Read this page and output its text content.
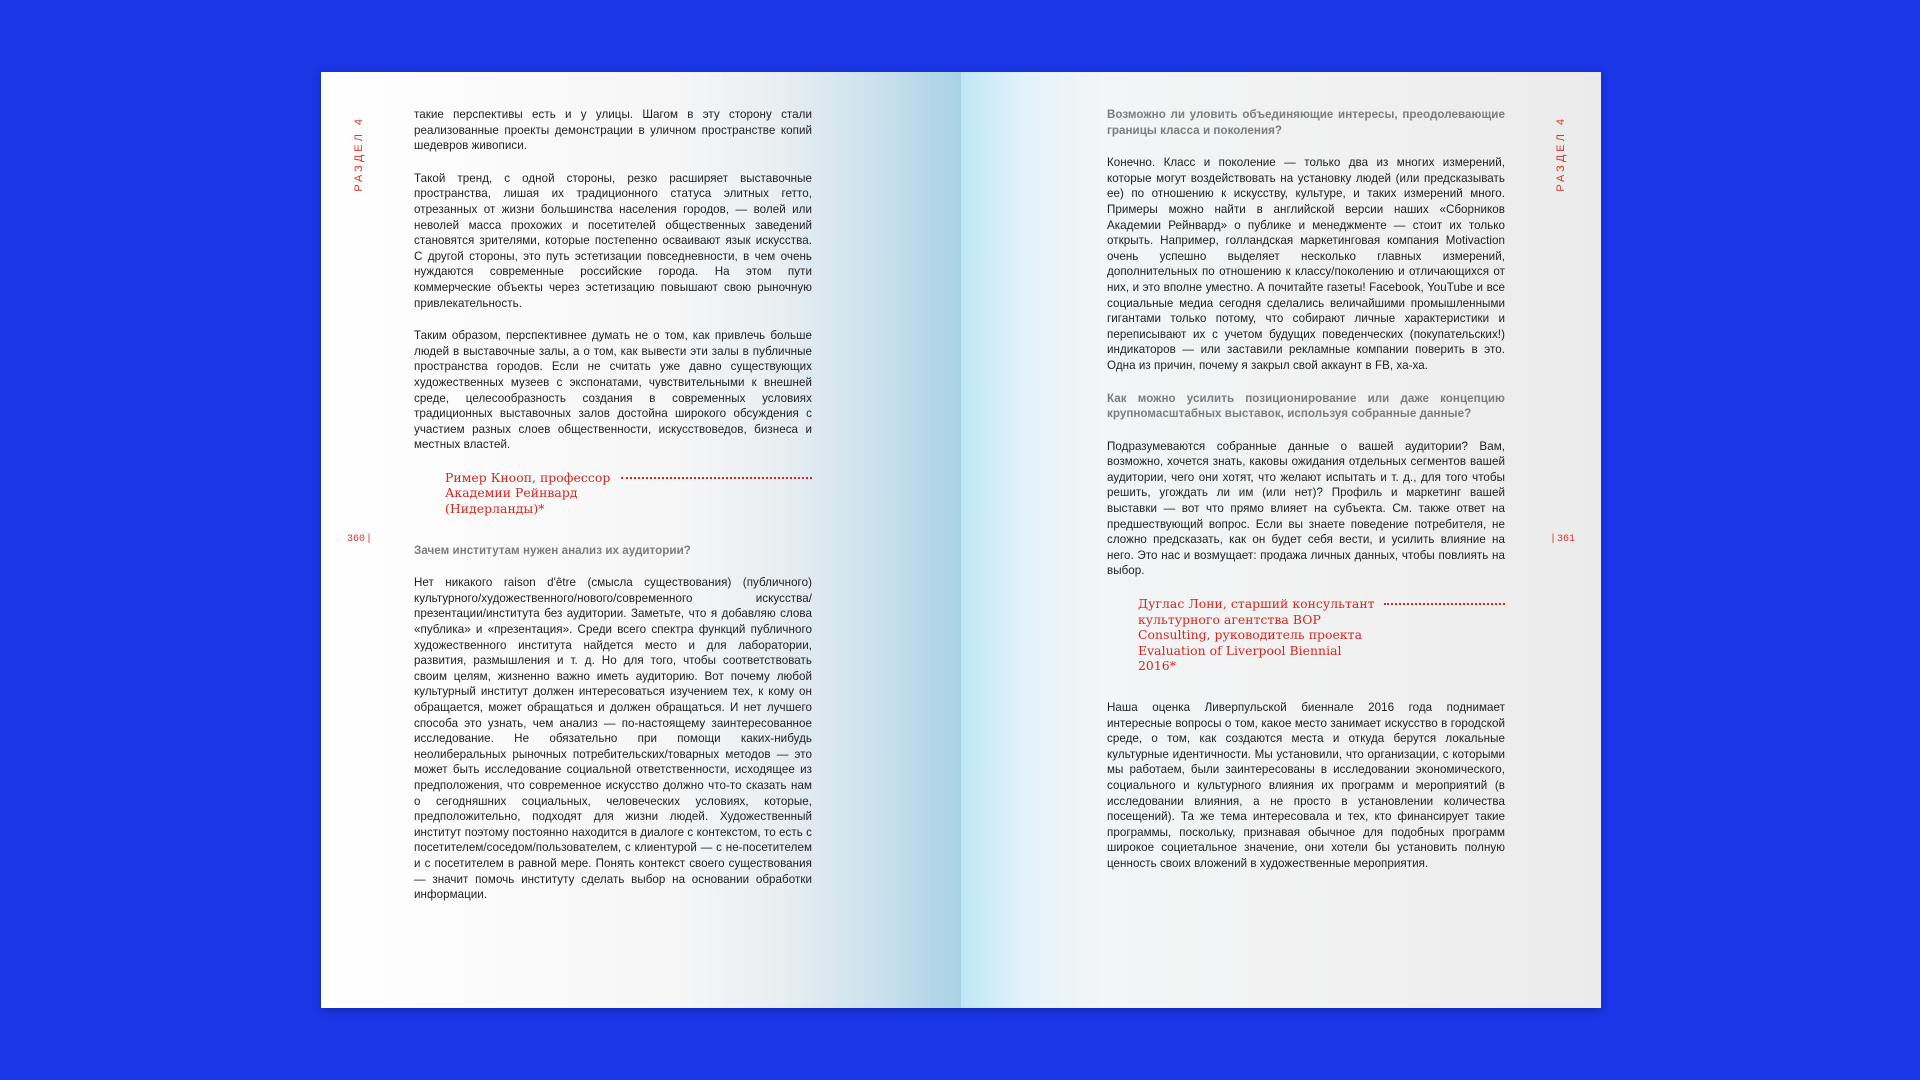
РАЗДЕЛ 4
360 |

такие перспективы есть и у улицы. Шагом в эту сторону стали реализованные проекты демонстрации в уличном пространстве копий шедевров живописи.

Такой тренд, с одной стороны, резко расширяет выставочные пространства, лишая их традиционного статуса элитных гетто, отрезанных от жизни большинства населения городов, — волей или неволей масса прохожих и посетителей общественных заведений становятся зрителями, которые постепенно осваивают язык искусства. С другой стороны, это путь эстетизации повседневности, в чем очень нуждаются современные российские города. На этом пути коммерческие объекты через эстетизацию повышают свою рыночную привлекательность.

Таким образом, перспективнее думать не о том, как привлечь больше людей в выставочные залы, а о том, как вывести эти залы в публичные пространства городов. Если не считать уже давно существующих художественных музеев с экспонатами, чувствительными к внешней среде, целесообразность создания в современных условиях традиционных выставочных залов достойна широкого обсуждения с участием разных слоев общественности, искусствоведов, бизнеса и местных властей.

Ример Кнооп, профессор Академии Рейнвард (Нидерланды)*

Зачем институтам нужен анализ их аудитории?

Нет никакого raison d'être (смысла существования) (публичного) культурного/художественного/нового/современного искусства/презентации/института без аудитории. Заметьте, что я добавляю слова «публика» и «презентация». Среди всего спектра функций публичного художественного института найдется место и для лаборатории, развития, размышления и т. д. Но для того, чтобы соответствовать своим целям, жизненно важно иметь аудиторию. Вот почему любой культурный институт должен интересоваться изучением тех, к кому он обращается, может обращаться и должен обращаться. И нет лучшего способа это узнать, чем анализ — по-настоящему заинтересованное исследование. Не обязательно при помощи каких-нибудь неолиберальных рыночных потребительских/товарных методов — это может быть исследование социальной ответственности, исходящее из предположения, что современное искусство должно что-то сказать нам о сегодняшних социальных, человеческих условиях, которые, предположительно, подходят для жизни людей. Художественный институт поэтому постоянно находится в диалоге с контекстом, то есть с посетителем/соседом/пользователем, с клиентурой — с не-посетителем и с посетителем в равной мере. Понять контекст своего существования — значит помочь институту сделать выбор на основании обработки информации.

РАЗДЕЛ 4
| 361

Возможно ли уловить объединяющие интересы, преодолевающие границы класса и поколения?

Конечно. Класс и поколение — только два из многих измерений, которые могут воздействовать на установку людей (или предсказывать ее) по отношению к искусству, культуре, и таких измерений много. Примеры можно найти в английской версии наших «Сборников Академии Рейнвард» о публике и менеджменте — стоит их только открыть. Например, голландская маркетинговая компания Motivaction очень успешно выделяет несколько главных измерений, дополнительных по отношению к классу/поколению и отличающихся от них, и это вполне уместно. А почитайте газеты! Facebook, YouTube и все социальные медиа сегодня сделались величайшими промышленными гигантами только потому, что собирают личные характеристики и переписывают их с учетом будущих поведенческих (покупательских!) индикаторов — или заставили рекламные компании поверить в это. Одна из причин, почему я закрыл свой аккаунт в FB, ха-ха.

Как можно усилить позиционирование или даже концепцию крупномасштабных выставок, используя собранные данные?

Подразумеваются собранные данные о вашей аудитории? Вам, возможно, хочется знать, каковы ожидания отдельных сегментов вашей аудитории, чего они хотят, что желают испытать и т. д., для того чтобы решить, угождать ли им (или нет)? Профиль и маркетинг вашей выставки — вот что прямо влияет на субъекта. См. также ответ на предшествующий вопрос. Если вы знаете поведение потребителя, не сложно предсказать, как он будет себя вести, и усилить влияние на него. Это нас и возмущает: продажа личных данных, чтобы повлиять на выбор.

Дуглас Лони, старший консультант культурного агентства BOP Consulting, руководитель проекта Evaluation of Liverpool Biennial 2016*

Наша оценка Ливерпульской биеннале 2016 года поднимает интересные вопросы о том, какое место занимает искусство в городской среде, о том, как создаются места и откуда берутся локальные культурные идентичности. Мы установили, что организации, с которыми мы работаем, были заинтересованы в исследовании экономического, социального и культурного влияния их программ и мероприятий (в исследовании влияния, а не просто в установлении количества посещений). Та же тема интересовала и тех, кто финансирует такие программы, поскольку, признавая обычное для подобных программ широкое социетальное значение, они хотели бы установить полную ценность своих вложений в художественные мероприятия.
